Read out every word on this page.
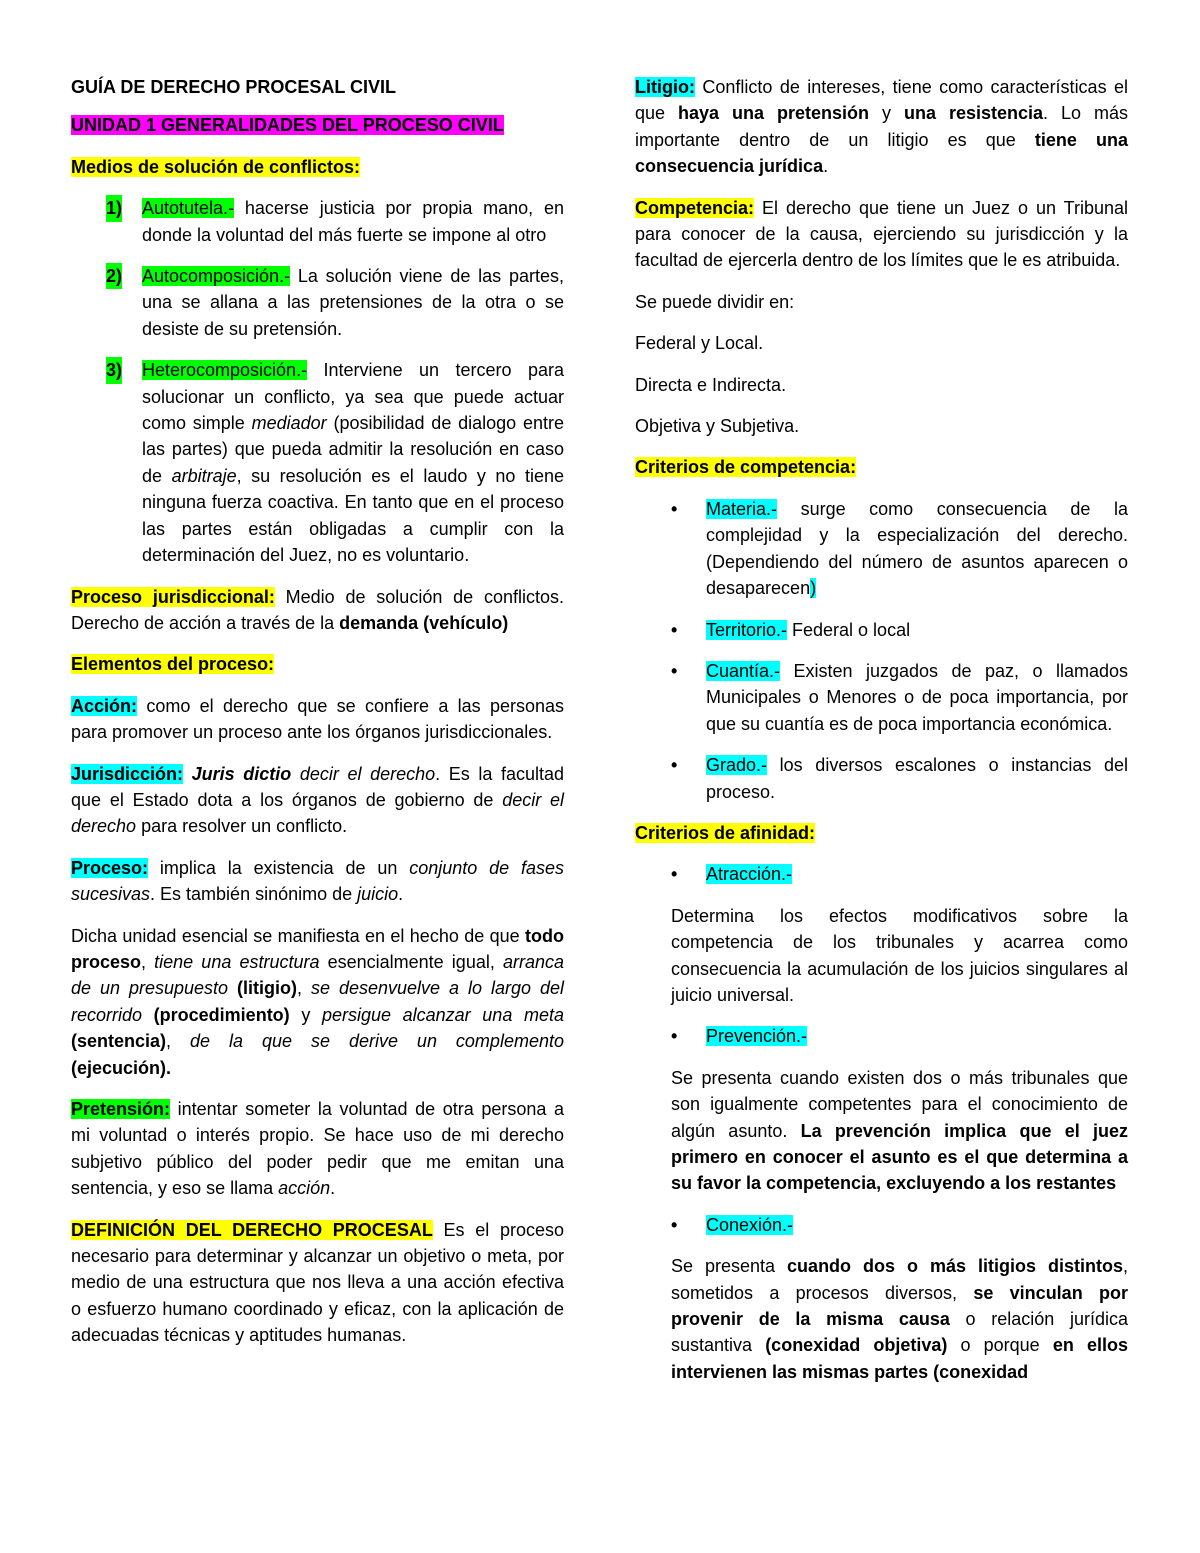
GUÍA DE DERECHO PROCESAL CIVIL

UNIDAD 1 GENERALIDADES DEL PROCESO CIVIL

Medios de solución de conflictos:

1) Autotutela.- hacerse justicia por propia mano, en donde la voluntad del más fuerte se impone al otro

2) Autocomposición.- La solución viene de las partes, una se allana a las pretensiones de la otra o se desiste de su pretensión.

3) Heterocomposición.- Interviene un tercero para solucionar un conflicto, ya sea que puede actuar como simple mediador (posibilidad de dialogo entre las partes) que pueda admitir la resolución en caso de arbitraje, su resolución es el laudo y no tiene ninguna fuerza coactiva. En tanto que en el proceso las partes están obligadas a cumplir con la determinación del Juez, no es voluntario.

Proceso jurisdiccional: Medio de solución de conflictos. Derecho de acción a través de la demanda (vehículo)

Elementos del proceso:

Acción: como el derecho que se confiere a las personas para promover un proceso ante los órganos jurisdiccionales.

Jurisdicción: Juris dictio decir el derecho. Es la facultad que el Estado dota a los órganos de gobierno de decir el derecho para resolver un conflicto.

Proceso: implica la existencia de un conjunto de fases sucesivas. Es también sinónimo de juicio.

Dicha unidad esencial se manifiesta en el hecho de que todo proceso, tiene una estructura esencialmente igual, arranca de un presupuesto (litigio), se desenvuelve a lo largo del recorrido (procedimiento) y persigue alcanzar una meta (sentencia), de la que se derive un complemento (ejecución).

Pretensión: intentar someter la voluntad de otra persona a mi voluntad o interés propio. Se hace uso de mi derecho subjetivo público del poder pedir que me emitan una sentencia, y eso se llama acción.

DEFINICIÓN DEL DERECHO PROCESAL Es el proceso necesario para determinar y alcanzar un objetivo o meta, por medio de una estructura que nos lleva a una acción efectiva o esfuerzo humano coordinado y eficaz, con la aplicación de adecuadas técnicas y aptitudes humanas.

Litigio: Conflicto de intereses, tiene como características el que haya una pretensión y una resistencia. Lo más importante dentro de un litigio es que tiene una consecuencia jurídica.

Competencia: El derecho que tiene un Juez o un Tribunal para conocer de la causa, ejerciendo su jurisdicción y la facultad de ejercerla dentro de los límites que le es atribuida.

Se puede dividir en:

Federal y Local.

Directa e Indirecta.

Objetiva y Subjetiva.

Criterios de competencia:

• Materia.- surge como consecuencia de la complejidad y la especialización del derecho. (Dependiendo del número de asuntos aparecen o desaparecen)

• Territorio.- Federal o local

• Cuantía.- Existen juzgados de paz, o llamados Municipales o Menores o de poca importancia, por que su cuantía es de poca importancia económica.

• Grado.- los diversos escalones o instancias del proceso.

Criterios de afinidad:

• Atracción.-

Determina los efectos modificativos sobre la competencia de los tribunales y acarrea como consecuencia la acumulación de los juicios singulares al juicio universal.

• Prevención.-

Se presenta cuando existen dos o más tribunales que son igualmente competentes para el conocimiento de algún asunto. La prevención implica que el juez primero en conocer el asunto es el que determina a su favor la competencia, excluyendo a los restantes

• Conexión.-

Se presenta cuando dos o más litigios distintos, sometidos a procesos diversos, se vinculan por provenir de la misma causa o relación jurídica sustantiva (conexidad objetiva) o porque en ellos intervienen las mismas partes (conexidad
